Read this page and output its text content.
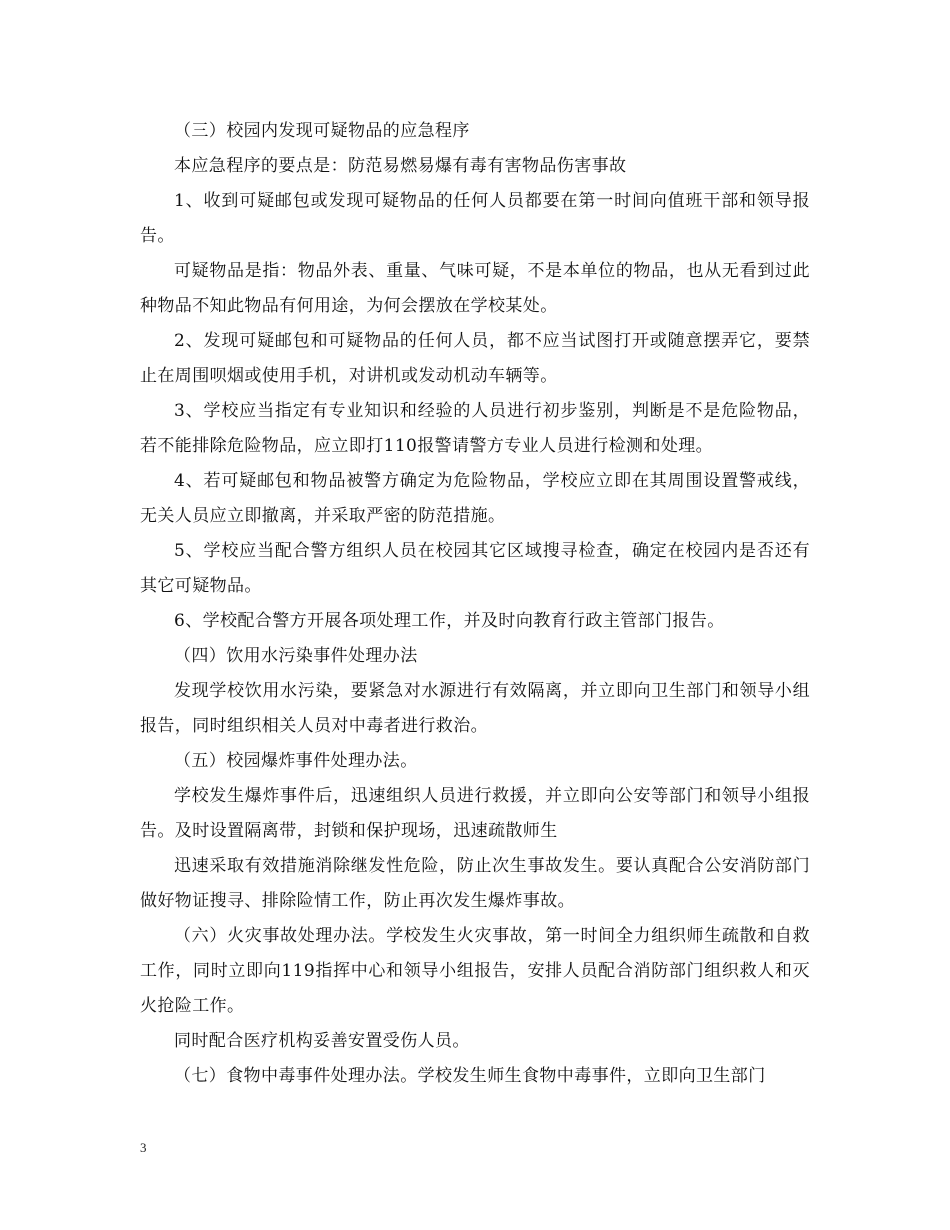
（三）校园内发现可疑物品的应急程序

本应急程序的要点是：防范易燃易爆有毒有害物品伤害事故

1、收到可疑邮包或发现可疑物品的任何人员都要在第一时间向值班干部和领导报告。

可疑物品是指：物品外表、重量、气味可疑，不是本单位的物品，也从无看到过此种物品不知此物品有何用途，为何会摆放在学校某处。

2、发现可疑邮包和可疑物品的任何人员，都不应当试图打开或随意摆弄它，要禁止在周围呗烟或使用手机，对讲机或发动机动车辆等。

3、学校应当指定有专业知识和经验的人员进行初步鉴别，判断是不是危险物品，若不能排除危险物品，应立即打110报警请警方专业人员进行检测和处理。

4、若可疑邮包和物品被警方确定为危险物品，学校应立即在其周围设置警戒线，无关人员应立即撤离，并采取严密的防范措施。

5、学校应当配合警方组织人员在校园其它区域搜寻检查，确定在校园内是否还有其它可疑物品。

6、学校配合警方开展各项处理工作，并及时向教育行政主管部门报告。

（四）饮用水污染事件处理办法

发现学校饮用水污染，要紧急对水源进行有效隔离，并立即向卫生部门和领导小组报告，同时组织相关人员对中毒者进行救治。

（五）校园爆炸事件处理办法。

学校发生爆炸事件后，迅速组织人员进行救援，并立即向公安等部门和领导小组报告。及时设置隔离带，封锁和保护现场，迅速疏散师生

迅速采取有效措施消除继发性危险，防止次生事故发生。要认真配合公安消防部门做好物证搜寻、排除险情工作，防止再次发生爆炸事故。

（六）火灾事故处理办法。学校发生火灾事故，第一时间全力组织师生疏散和自救工作，同时立即向119指挥中心和领导小组报告，安排人员配合消防部门组织救人和灭火抢险工作。

同时配合医疗机构妥善安置受伤人员。

（七）食物中毒事件处理办法。学校发生师生食物中毒事件，立即向卫生部门

3
